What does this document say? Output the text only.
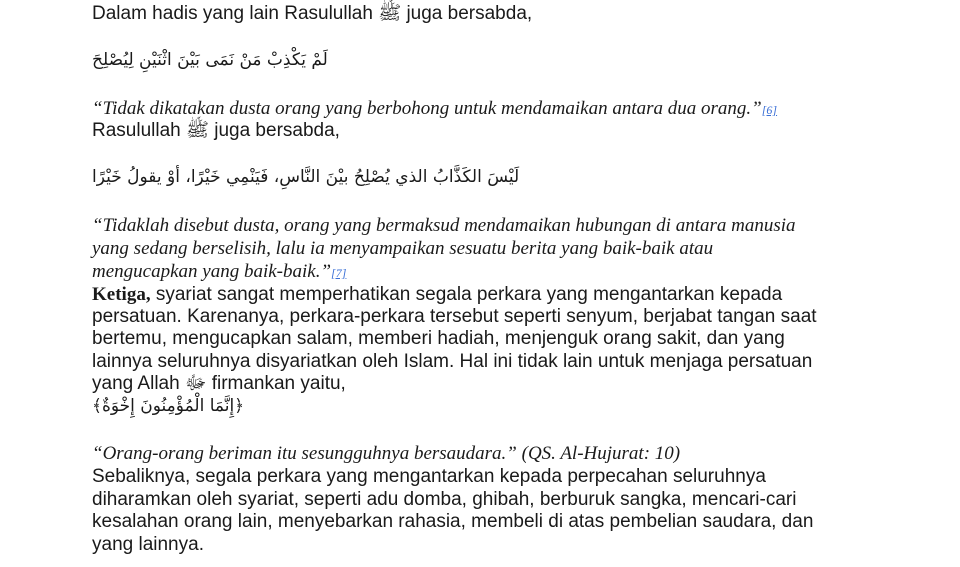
Dalam hadis yang lain Rasulullah ﷺ juga bersabda,
لَمْ يَكْذِبْ مَنْ نَمَى بَيْنَ اثْنَيْنِ لِيُصْلِحَ
“Tidak dikatakan dusta orang yang berbohong untuk mendamaikan antara dua orang.”[6]
Rasulullah ﷺ juga bersabda,
لَيْسَ الكَذَّابُ الذي يُصْلِحُ بيْنَ النَّاسِ، فَيَنْمِي خَيْرًا، أوْ يقولُ خَيْرًا
“Tidaklah disebut dusta, orang yang bermaksud mendamaikan hubungan di antara manusia
yang sedang berselisih, lalu ia menyampaikan sesuatu berita yang baik-baik atau
mengucapkan yang baik-baik.”[7]
Ketiga, syariat sangat memperhatikan segala perkara yang mengantarkan kepada
persatuan. Karenanya, perkara-perkara tersebut seperti senyum, berjabat tangan saat
bertemu, mengucapkan salam, memberi hadiah, menjenguk orang sakit, dan yang
lainnya seluruhnya disyariatkan oleh Islam. Hal ini tidak lain untuk menjaga persatuan
yang Allah ﷻ firmankan yaitu,
﴿إِنَّمَا الْمُؤْمِنُونَ إِخْوَةٌ﴾
“Orang-orang beriman itu sesungguhnya bersaudara.” (QS. Al-Hujurat: 10)
Sebaliknya, segala perkara yang mengantarkan kepada perpecahan seluruhnya
diharamkan oleh syariat, seperti adu domba, ghibah, berburuk sangka, mencari-cari
kesalahan orang lain, menyebarkan rahasia, membeli di atas pembelian saudara, dan
yang lainnya.
